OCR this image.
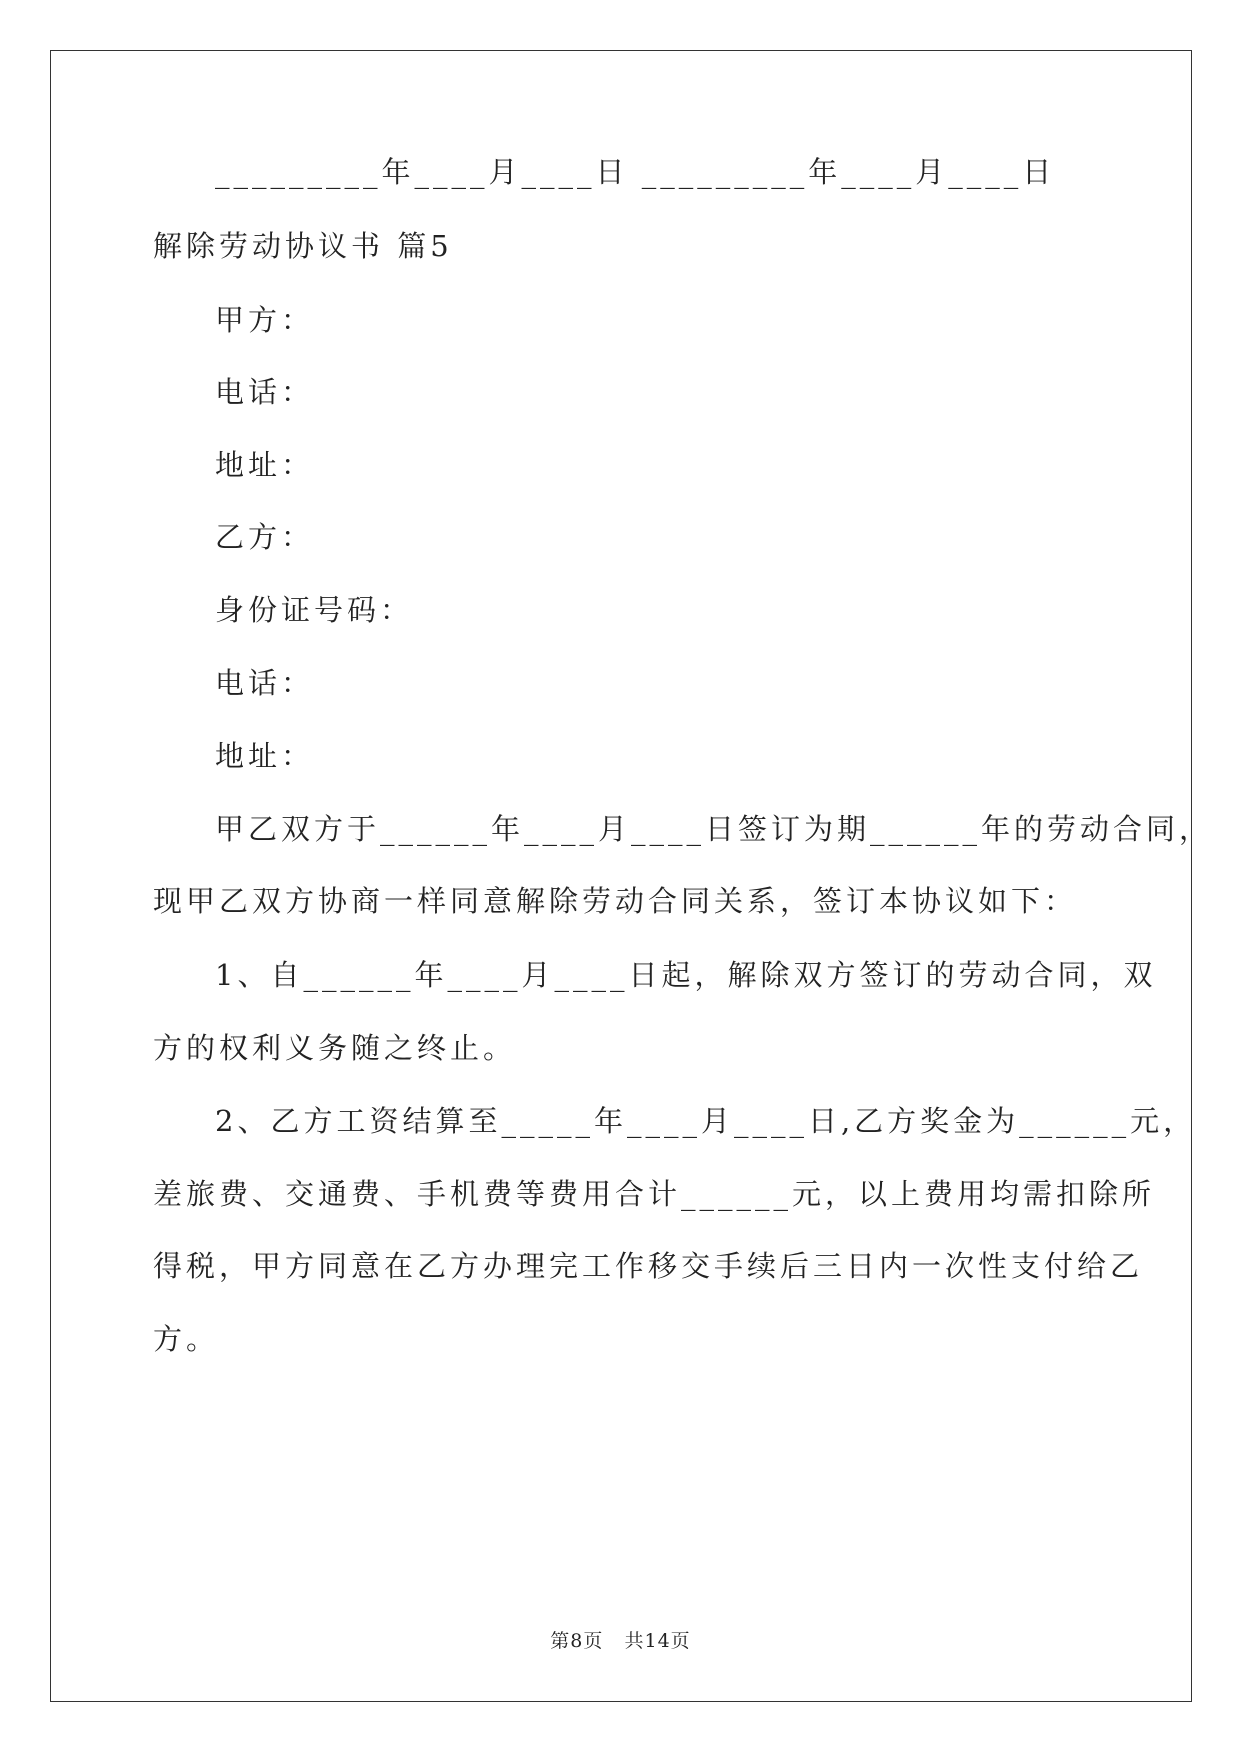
_________年____月____日 _________年____月____日
解除劳动协议书 篇5
甲方：
电话：
地址：
乙方：
身份证号码：
电话：
地址：
甲乙双方于______年____月____日签订为期______年的劳动合同，
现甲乙双方协商一样同意解除劳动合同关系，签订本协议如下：
1、自______年____月____日起，解除双方签订的劳动合同，双
方的权利义务随之终止。
2、乙方工资结算至_____年____月____日,乙方奖金为______元，
差旅费、交通费、手机费等费用合计______元，以上费用均需扣除所
得税，甲方同意在乙方办理完工作移交手续后三日内一次性支付给乙
方。
第8页   共14页
